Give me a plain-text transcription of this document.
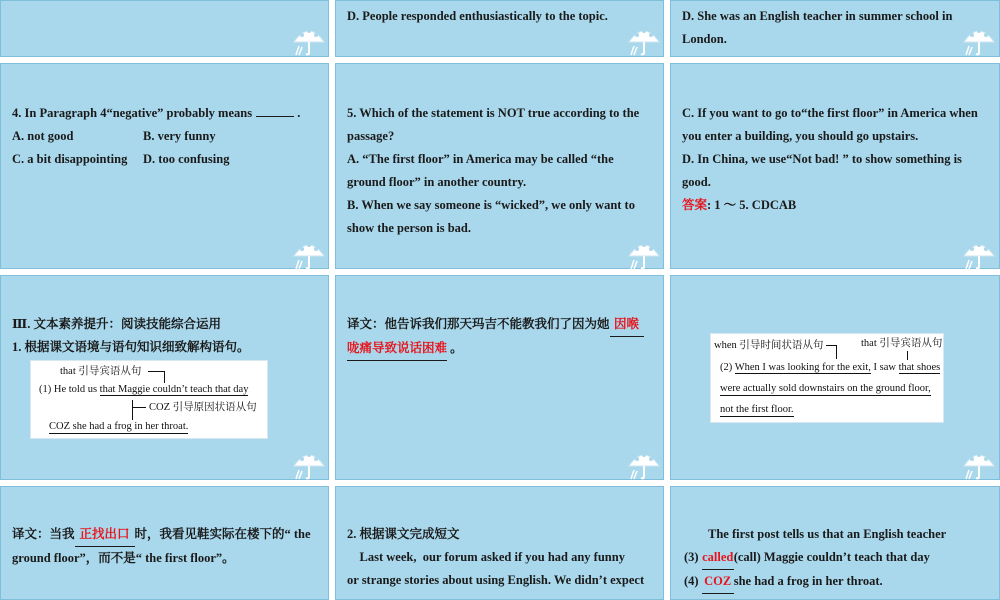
D. People responded enthusiastically to the topic.	D. She was an English teacher in summer school in
London.
4. In Paragraph 4“negative” probably means	.
A. not good	B. very funny
C. a bit disappointing D. too confusing
5. Which of the statement is NOT true according to the
passage?
A. “The first floor” in America may be called “the
ground floor” in another country.
B. When we say someone is “wicked”, we only want to
show the person is bad.
C. If you want to go to“the first floor” in America when
you enter a building, you should go upstairs.
D. In China, we use“Not bad! ” to show something is
good.
答案: 1 ～ 5. CDCAB
Ⅲ. 文本素养提升：阅读技能综合运用
1. 根据课文语境与语句知识细致解构语句。
that 引导宾语从句
(1) He told us that Maggie couldn’t teach that day
COZ 引导原因状语从句
COZ she had a frog in her throat.
译文：他告诉我们那天玛吉不能教我们了因为她 因喉
咙痛导致说话困难 。	when 引导时间状语从句	that 引导宾语从句
(2) When I was looking for the exit, I saw that shoes
were actually sold downstairs on the ground floor,
not the first floor.
译文：当我 正找出口 时，我看见鞋实际在楼下的“ the
ground floor”，而不是“ the first floor”。
2. 根据课文完成短文
Last week,  our forum asked if you had any funny
or strange stories about using English. We didn’t expect
The first post tells us that an English teacher
(3) called(call) Maggie couldn’t teach that day
(4) COZ she had a frog in her throat.
